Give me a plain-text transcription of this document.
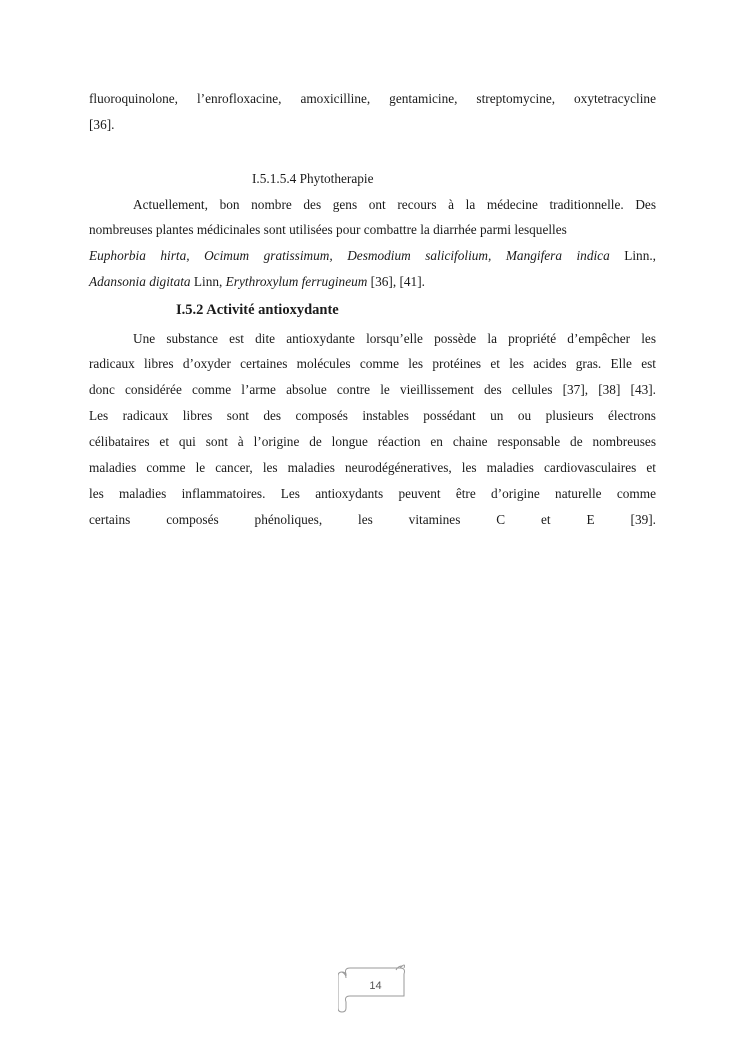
fluoroquinolone, l’enrofloxacine, amoxicilline, gentamicine, streptomycine, oxytetracycline
[36].
I.5.1.5.4 Phytotherapie
Actuellement, bon nombre des gens ont recours à la médecine traditionnelle. Des
nombreuses plantes médicinales sont utilisées pour combattre la diarrhée parmi lesquelles
Euphorbia hirta, Ocimum gratissimum, Desmodium salicifolium, Mangifera indica Linn.,
Adansonia digitata Linn, Erythroxylum ferrugineum [36], [41].
I.5.2 Activité antioxydante
Une substance est dite antioxydante lorsqu’elle possède la propriété d’empêcher les
radicaux libres d’oxyder certaines molécules comme les protéines et les acides gras. Elle est
donc considérée comme l’arme absolue contre le vieillissement des cellules [37], [38] [43].
Les radicaux libres sont des composés instables possédant un ou plusieurs électrons
célibataires et qui sont à l’origine de longue réaction en chaine responsable de nombreuses
maladies comme le cancer, les maladies neurodégéneratives, les maladies cardiovasculaires et
les maladies inflammatoires. Les antioxydants peuvent être d’origine naturelle comme
certains composés phénoliques, les vitamines C et E [39].
14
